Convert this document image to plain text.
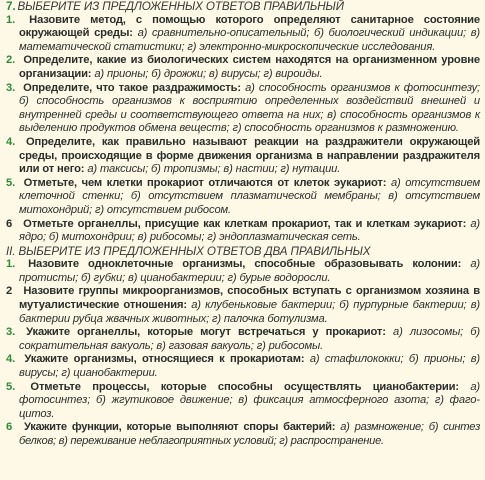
7. ВЫБЕРИТЕ ИЗ ПРЕДЛОЖЕННЫХ ОТВЕТОВ ПРАВИЛЬНЫЙ
1. Назовите метод, с помощью которого определяют санитарное состояние окружающей среды: а) сравнительно-описательный; б) биологический индикации; в) математической статистики; г) электронно-микроскопические исследования.
2. Определите, какие из биологических систем находятся на организменном уровне организации: а) прионы; б) дрожжи; в) вирусы; г) вироиды.
3. Определите, что такое раздражимость: а) способность организмов к фотосинтезу; б) способность организмов к восприятию определенных воздействий внешней и внутренней среды и соответствующего ответа на них; в) способность организмов к выделению продуктов обмена веществ; г) способность организмов к размножению.
4. Определите, как правильно называют реакции на раздражители окружающей среды, происходящие в форме движения организма в направлении раздражителя или от него: а) таксисы; б) тропизмы; в) настии; г) нутации.
5. Отметьте, чем клетки прокариот отличаются от клеток эукариот: а) отсутствием клеточной стенки; б) отсутствием плазматической мембраны; в) отсутствием митохондрий; г) отсутствием рибосом.
6 Отметьте органеллы, присущие как клеткам прокариот, так и клеткам эукариот: а) ядро; б) митохондрии; в) рибосомы; г) эндоплазматическая сеть.
II. ВЫБЕРИТЕ ИЗ ПРЕДЛОЖЕННЫХ ОТВЕТОВ ДВА ПРАВИЛЬНЫХ
1. Назовите одноклеточные организмы, способные образовывать колонии: а) протисты; б) губки; в) цианобактерии; г) бурые водоросли.
2 Назовите группы микроорганизмов, способных вступать с организмом хозяина в мутуалистические отношения: а) клубеньковые бактерии; б) пурпурные бактерии; в) бактерии рубца жвачных животных; г) палочка ботулизма.
3. Укажите органеллы, которые могут встречаться у прокариот: а) лизосомы; б) сократительная вакуоль; в) газовая вакуоль; г) рибосомы.
4. Укажите организмы, относящиеся к прокариотам: а) стафилококки; б) прионы; в) вирусы; г) цианобактерии.
5. Отметьте процессы, которые способны осуществлять цианобактерии: а) фотосинтез; б) жгутиковое движение; в) фиксация атмосферного азота; г) фагоцитоз.
6 Укажите функции, которые выполняют споры бактерий: а) размножение; б) синтез белков; в) переживание неблагоприятных условий; г) распространение.
